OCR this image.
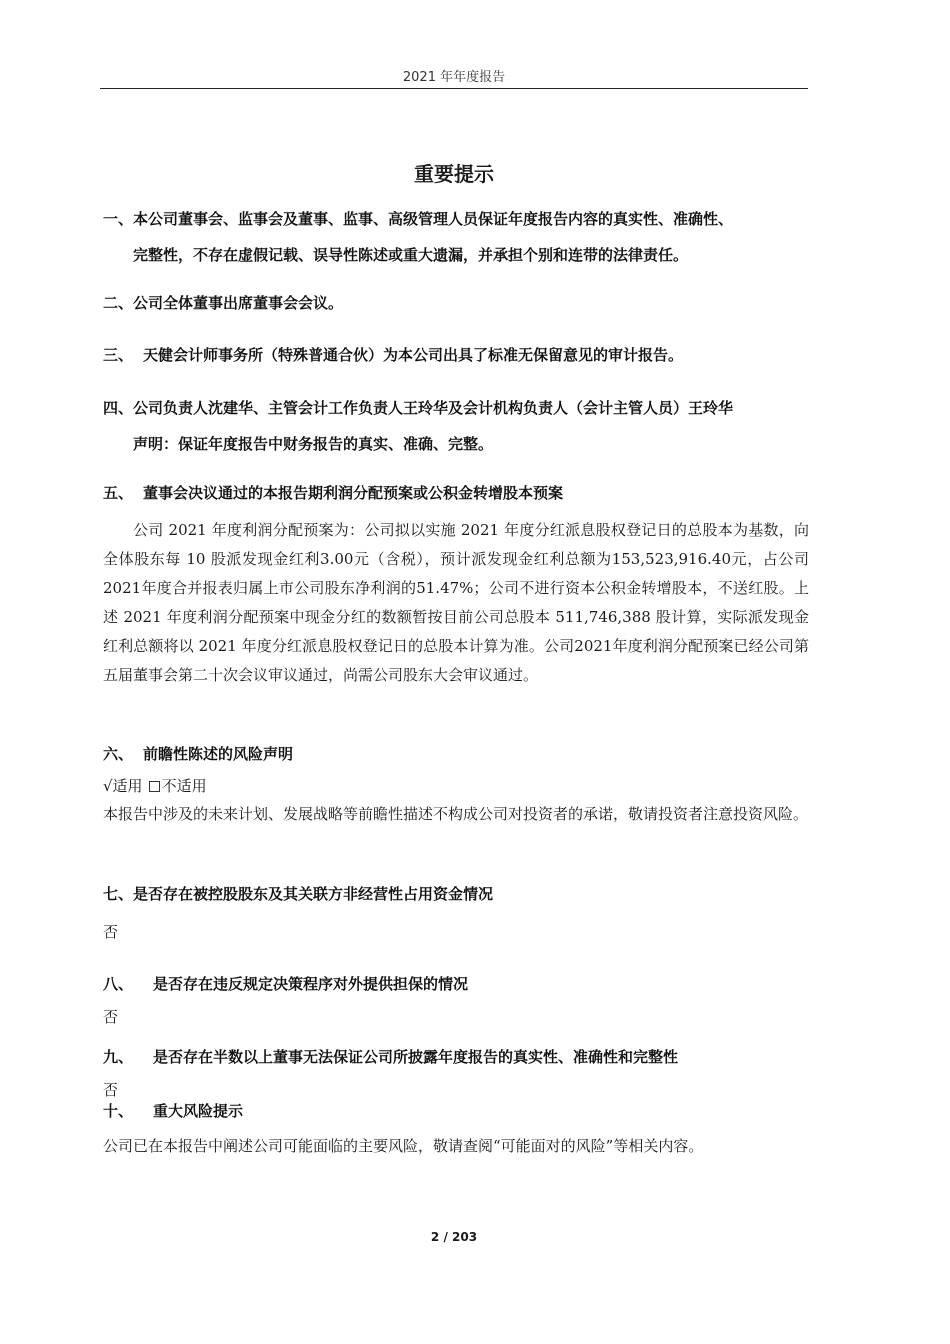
2021 年年度报告
重要提示
一、本公司董事会、监事会及董事、监事、高级管理人员保证年度报告内容的真实性、准确性、
完整性，不存在虚假记载、误导性陈述或重大遗漏，并承担个别和连带的法律责任。
二、公司全体董事出席董事会会议。
三、 天健会计师事务所（特殊普通合伙）为本公司出具了标准无保留意见的审计报告。
四、公司负责人沈建华、主管会计工作负责人王玲华及会计机构负责人（会计主管人员）王玲华
声明：保证年度报告中财务报告的真实、准确、完整。
五、 董事会决议通过的本报告期利润分配预案或公积金转增股本预案
公司 2021 年度利润分配预案为：公司拟以实施 2021 年度分红派息股权登记日的总股本为基数，向全体股东每 10 股派发现金红利3.00元（含税），预计派发现金红利总额为153,523,916.40元，占公司2021年度合并报表归属上市公司股东净利润的51.47%；公司不进行资本公积金转增股本，不送红股。上述 2021 年度利润分配预案中现金分红的数额暂按目前公司总股本 511,746,388 股计算，实际派发现金红利总额将以 2021 年度分红派息股权登记日的总股本计算为准。公司2021年度利润分配预案已经公司第五届董事会第二十次会议审议通过，尚需公司股东大会审议通过。
六、 前瞻性陈述的风险声明
√适用 不适用
本报告中涉及的未来计划、发展战略等前瞻性描述不构成公司对投资者的承诺，敬请投资者注意投资风险。
七、是否存在被控股股东及其关联方非经营性占用资金情况
否
八、 是否存在违反规定决策程序对外提供担保的情况
否
九、 是否存在半数以上董事无法保证公司所披露年度报告的真实性、准确性和完整性
否
十、 重大风险提示
公司已在本报告中阐述公司可能面临的主要风险，敬请查阅“可能面对的风险”等相关内容。
2 / 203
